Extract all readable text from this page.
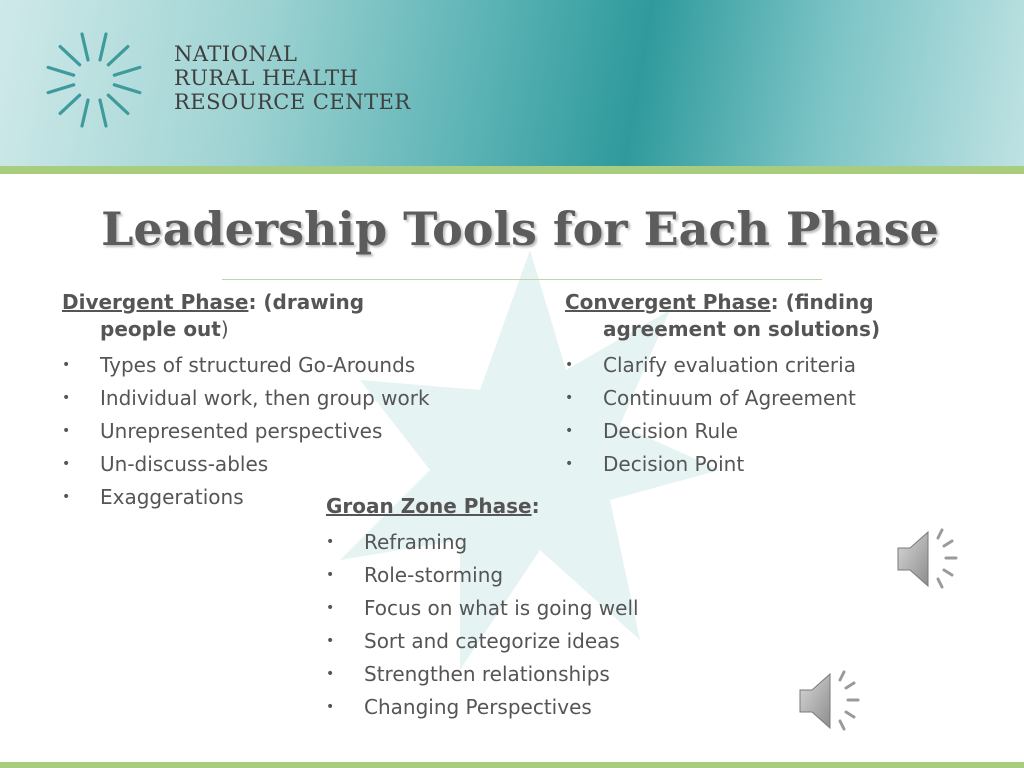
NATIONAL
RURAL HEALTH
RESOURCE CENTER
Leadership Tools for Each Phase
Divergent Phase: (drawing
people out)
•	Types of structured Go-Arounds
•	Individual work, then group work
•	Unrepresented perspectives
•	Un-discuss-ables
•	Exaggerations
Convergent Phase: (finding
agreement on solutions)
•	Clarify evaluation criteria
•	Continuum of Agreement
•	Decision Rule
•	Decision Point
Groan Zone Phase:
•	Reframing
•	Role-storming
•	Focus on what is going well
•	Sort and categorize ideas
•	Strengthen relationships
•	Changing Perspectives
